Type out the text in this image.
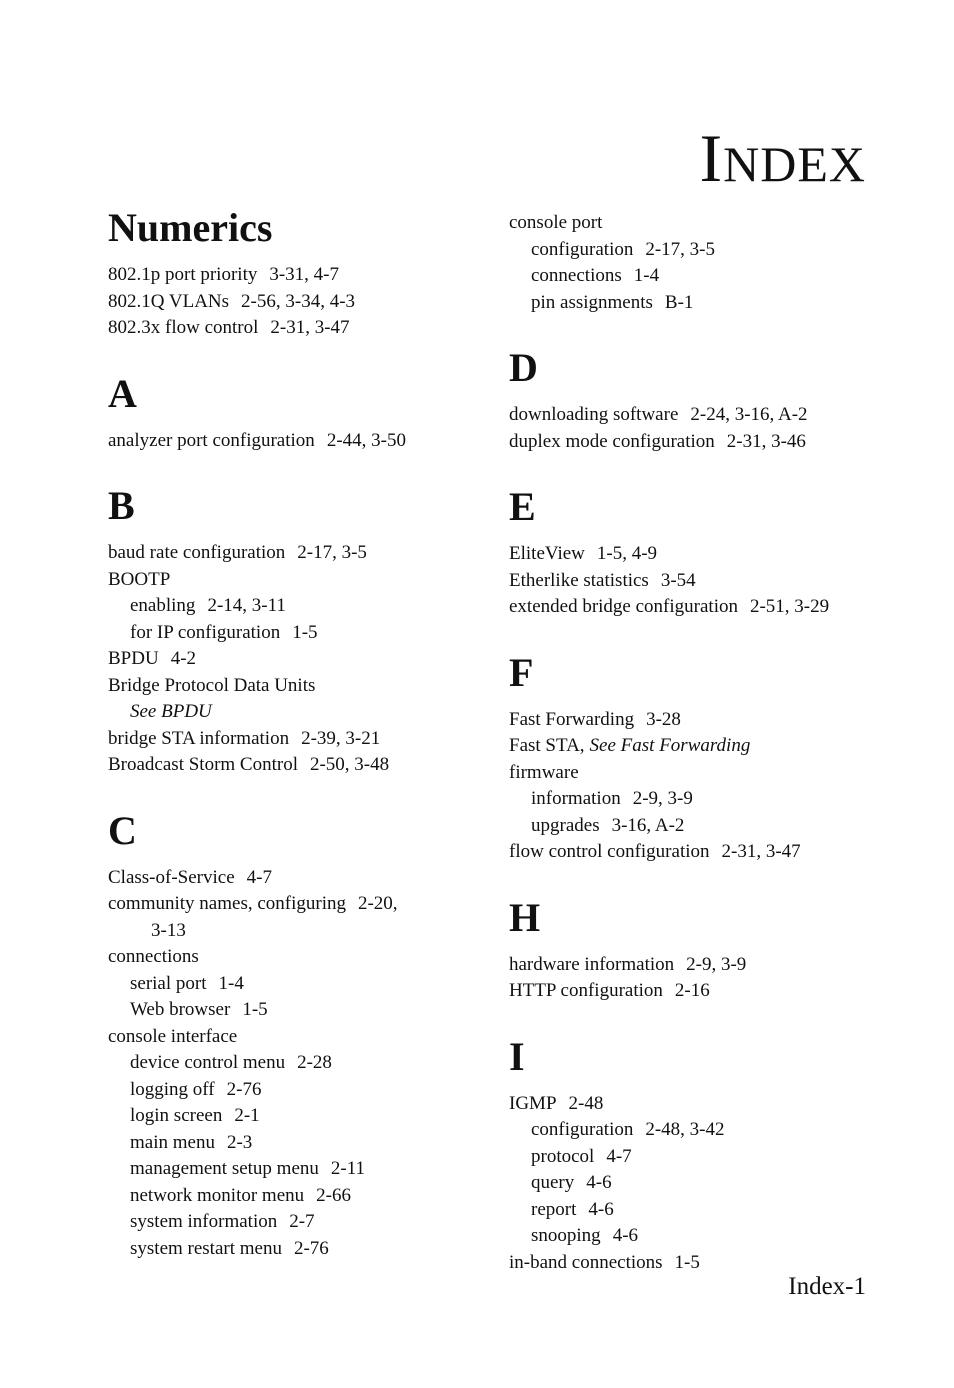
INDEX
Numerics
802.1p port priority 3-31, 4-7
802.1Q VLANs 2-56, 3-34, 4-3
802.3x flow control 2-31, 3-47
A
analyzer port configuration 2-44, 3-50
B
baud rate configuration 2-17, 3-5
BOOTP
enabling 2-14, 3-11
for IP configuration 1-5
BPDU 4-2
Bridge Protocol Data Units
See BPDU
bridge STA information 2-39, 3-21
Broadcast Storm Control 2-50, 3-48
C
Class-of-Service 4-7
community names, configuring 2-20,
3-13
connections
serial port 1-4
Web browser 1-5
console interface
device control menu 2-28
logging off 2-76
login screen 2-1
main menu 2-3
management setup menu 2-11
network monitor menu 2-66
system information 2-7
system restart menu 2-76
console port
configuration 2-17, 3-5
connections 1-4
pin assignments B-1
D
downloading software 2-24, 3-16, A-2
duplex mode configuration 2-31, 3-46
E
EliteView 1-5, 4-9
Etherlike statistics 3-54
extended bridge configuration 2-51, 3-29
F
Fast Forwarding 3-28
Fast STA, See Fast Forwarding
firmware
information 2-9, 3-9
upgrades 3-16, A-2
flow control configuration 2-31, 3-47
H
hardware information 2-9, 3-9
HTTP configuration 2-16
I
IGMP 2-48
configuration 2-48, 3-42
protocol 4-7
query 4-6
report 4-6
snooping 4-6
in-band connections 1-5
Index-1
